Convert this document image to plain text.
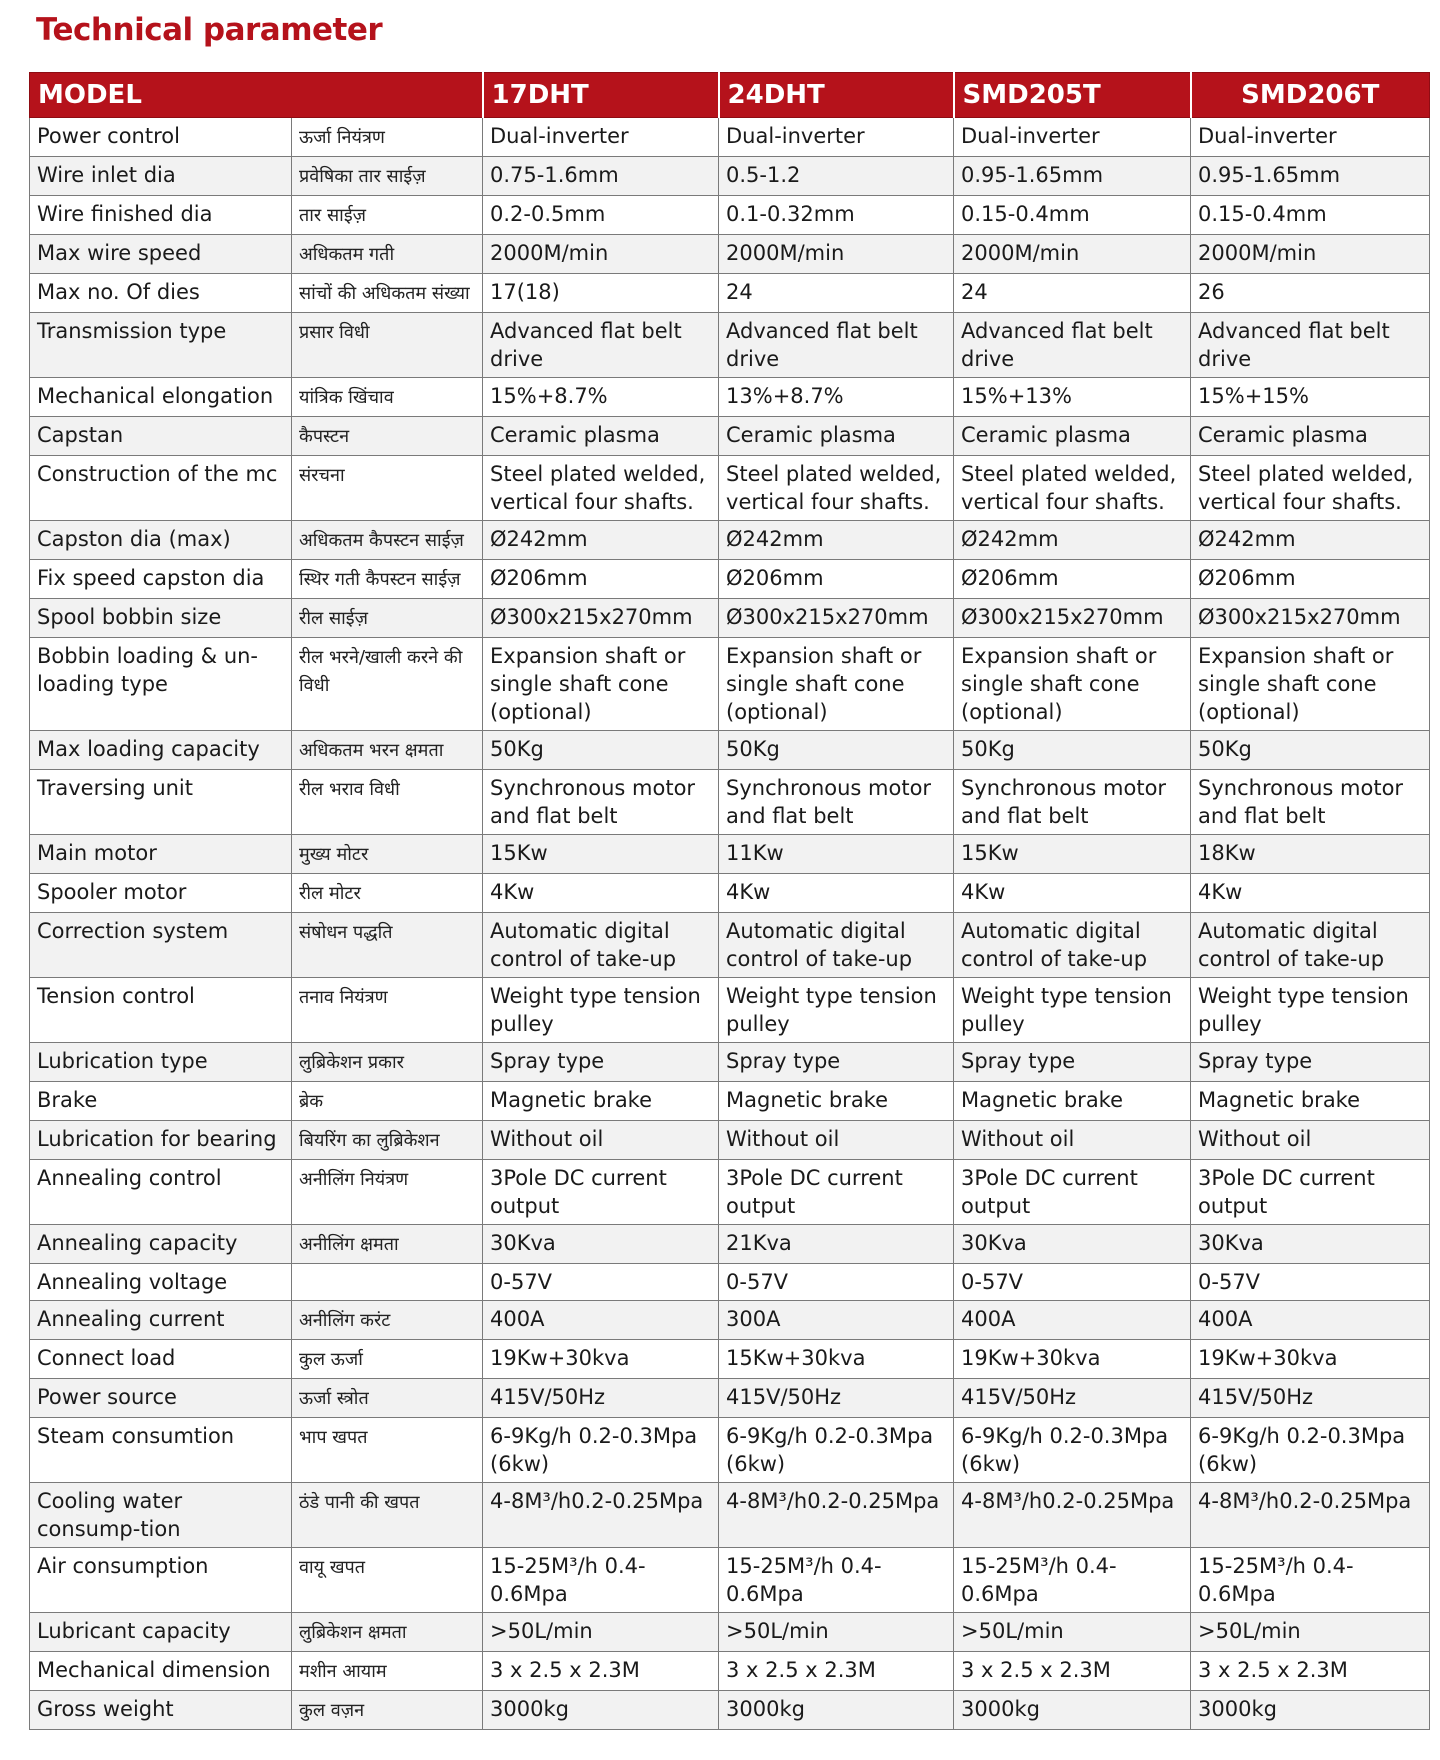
Technical parameter
MODEL		17DHT	24DHT	SMD205T	SMD206T
Power control	ऊर्जा नियंत्रण	Dual-inverter	Dual-inverter	Dual-inverter	Dual-inverter
Wire inlet dia	प्रवेषिका तार साईज़	0.75-1.6mm	0.5-1.2	0.95-1.65mm	0.95-1.65mm
Wire finished dia	तार साईज़	0.2-0.5mm	0.1-0.32mm	0.15-0.4mm	0.15-0.4mm
Max wire speed	अधिकतम गती	2000M/min	2000M/min	2000M/min	2000M/min
Max no. Of dies	सांचों की अधिकतम संख्या	17(18)	24	24	26
Transmission type	प्रसार विधी	Advanced flat belt drive	Advanced flat belt drive	Advanced flat belt drive	Advanced flat belt drive
Mechanical elongation	यांत्रिक खिंचाव	15%+8.7%	13%+8.7%	15%+13%	15%+15%
Capstan	कैपस्टन	Ceramic plasma	Ceramic plasma	Ceramic plasma	Ceramic plasma
Construction of the mc	संरचना	Steel plated welded, vertical four shafts.	Steel plated welded, vertical four shafts.	Steel plated welded, vertical four shafts.	Steel plated welded, vertical four shafts.
Capston dia (max)	अधिकतम कैपस्टन साईज़	Ø242mm	Ø242mm	Ø242mm	Ø242mm
Fix speed capston dia	स्थिर गती कैपस्टन साईज़	Ø206mm	Ø206mm	Ø206mm	Ø206mm
Spool bobbin size	रील साईज़	Ø300x215x270mm	Ø300x215x270mm	Ø300x215x270mm	Ø300x215x270mm
Bobbin loading & un-loading type	रील भरने/खाली करने की विधी	Expansion shaft or single shaft cone (optional)	Expansion shaft or single shaft cone (optional)	Expansion shaft or single shaft cone (optional)	Expansion shaft or single shaft cone (optional)
Max loading capacity	अधिकतम भरन क्षमता	50Kg	50Kg	50Kg	50Kg
Traversing unit	रील भराव विधी	Synchronous motor and flat belt	Synchronous motor and flat belt	Synchronous motor and flat belt	Synchronous motor and flat belt
Main motor	मुख्य मोटर	15Kw	11Kw	15Kw	18Kw
Spooler motor	रील मोटर	4Kw	4Kw	4Kw	4Kw
Correction system	संषोधन पद्धति	Automatic digital control of take-up	Automatic digital control of take-up	Automatic digital control of take-up	Automatic digital control of take-up
Tension control	तनाव नियंत्रण	Weight type tension pulley	Weight type tension pulley	Weight type tension pulley	Weight type tension pulley
Lubrication type	लुब्रिकेशन प्रकार	Spray type	Spray type	Spray type	Spray type
Brake	ब्रेक	Magnetic brake	Magnetic brake	Magnetic brake	Magnetic brake
Lubrication for bearing	बियरिंग का लुब्रिकेशन	Without oil	Without oil	Without oil	Without oil
Annealing control	अनीलिंग नियंत्रण	3Pole DC current output	3Pole DC current output	3Pole DC current output	3Pole DC current output
Annealing capacity	अनीलिंग क्षमता	30Kva	21Kva	30Kva	30Kva
Annealing voltage		0-57V	0-57V	0-57V	0-57V
Annealing current	अनीलिंग करंट	400A	300A	400A	400A
Connect load	कुल ऊर्जा	19Kw+30kva	15Kw+30kva	19Kw+30kva	19Kw+30kva
Power source	ऊर्जा स्त्रोत	415V/50Hz	415V/50Hz	415V/50Hz	415V/50Hz
Steam consumtion	भाप खपत	6-9Kg/h 0.2-0.3Mpa (6kw)	6-9Kg/h 0.2-0.3Mpa (6kw)	6-9Kg/h 0.2-0.3Mpa (6kw)	6-9Kg/h 0.2-0.3Mpa (6kw)
Cooling water consump-tion	ठंडे पानी की खपत	4-8M³/h0.2-0.25Mpa	4-8M³/h0.2-0.25Mpa	4-8M³/h0.2-0.25Mpa	4-8M³/h0.2-0.25Mpa
Air consumption	वायू खपत	15-25M³/h 0.4-0.6Mpa	15-25M³/h 0.4-0.6Mpa	15-25M³/h 0.4-0.6Mpa	15-25M³/h 0.4-0.6Mpa
Lubricant capacity	लुब्रिकेशन क्षमता	>50L/min	>50L/min	>50L/min	>50L/min
Mechanical dimension	मशीन आयाम	3 x 2.5 x 2.3M	3 x 2.5 x 2.3M	3 x 2.5 x 2.3M	3 x 2.5 x 2.3M
Gross weight	कुल वज़न	3000kg	3000kg	3000kg	3000kg
